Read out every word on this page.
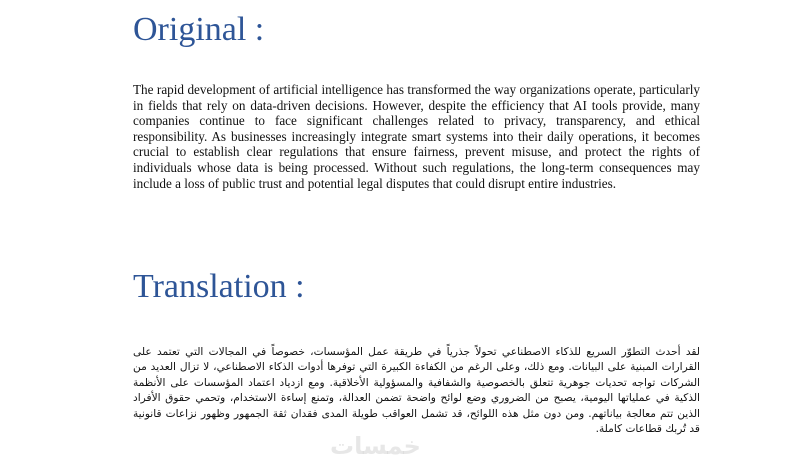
Original :

The rapid development of artificial intelligence has transformed the way organizations operate, particularly in fields that rely on data-driven decisions. However, despite the efficiency that AI tools provide, many companies continue to face significant challenges related to privacy, transparency, and ethical responsibility. As businesses increasingly integrate smart systems into their daily operations, it becomes crucial to establish clear regulations that ensure fairness, prevent misuse, and protect the rights of individuals whose data is being processed. Without such regulations, the long-term consequences may include a loss of public trust and potential legal disputes that could disrupt entire industries.

Translation :

لقد أحدث التطوّر السريع للذكاء الاصطناعي تحولاً جذرياً في طريقة عمل المؤسسات، خصوصاً في المجالات التي تعتمد على القرارات المبنية على البيانات. ومع ذلك، وعلى الرغم من الكفاءة الكبيرة التي توفرها أدوات الذكاء الاصطناعي، لا تزال العديد من الشركات تواجه تحديات جوهرية تتعلق بالخصوصية والشفافية والمسؤولية الأخلاقية. ومع ازدياد اعتماد المؤسسات على الأنظمة الذكية في عملياتها اليومية، يصبح من الضروري وضع لوائح واضحة تضمن العدالة، وتمنع إساءة الاستخدام، وتحمي حقوق الأفراد الذين تتم معالجة بياناتهم. ومن دون مثل هذه اللوائح، قد تشمل العواقب طويلة المدى فقدان ثقة الجمهور وظهور نزاعات قانونية قد تُربك قطاعات كاملة.

خمسات
